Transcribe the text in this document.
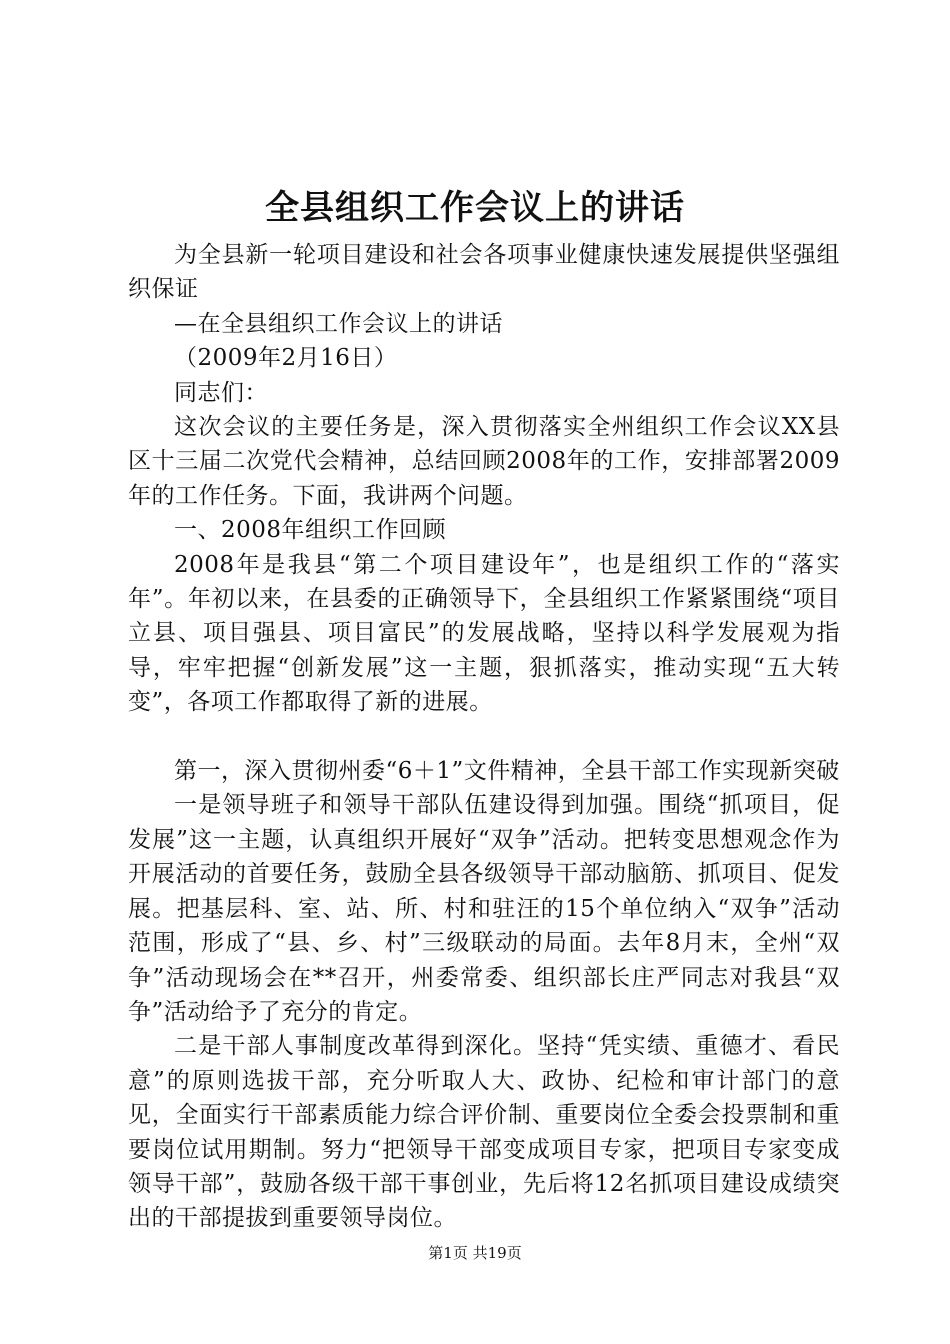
全县组织工作会议上的讲话

为全县新一轮项目建设和社会各项事业健康快速发展提供坚强组织保证

—在全县组织工作会议上的讲话

（2009年2月16日）

同志们：

这次会议的主要任务是，深入贯彻落实全州组织工作会议XX县区十三届二次党代会精神，总结回顾2008年的工作，安排部署2009年的工作任务。下面，我讲两个问题。

一、2008年组织工作回顾

2008年是我县“第二个项目建设年”，也是组织工作的“落实年”。年初以来，在县委的正确领导下，全县组织工作紧紧围绕“项目立县、项目强县、项目富民”的发展战略，坚持以科学发展观为指导，牢牢把握“创新发展”这一主题，狠抓落实，推动实现“五大转变”，各项工作都取得了新的进展。

第一，深入贯彻州委“6＋1”文件精神，全县干部工作实现新突破

一是领导班子和领导干部队伍建设得到加强。围绕“抓项目，促发展”这一主题，认真组织开展好“双争”活动。把转变思想观念作为开展活动的首要任务，鼓励全县各级领导干部动脑筋、抓项目、促发展。把基层科、室、站、所、村和驻汪的15个单位纳入“双争”活动范围，形成了“县、乡、村”三级联动的局面。去年8月末，全州“双争”活动现场会在**召开，州委常委、组织部长庄严同志对我县“双争”活动给予了充分的肯定。

二是干部人事制度改革得到深化。坚持“凭实绩、重德才、看民意”的原则选拔干部，充分听取人大、政协、纪检和审计部门的意见，全面实行干部素质能力综合评价制、重要岗位全委会投票制和重要岗位试用期制。努力“把领导干部变成项目专家，把项目专家变成领导干部”，鼓励各级干部干事创业，先后将12名抓项目建设成绩突出的干部提拔到重要领导岗位。

第1页 共19页
